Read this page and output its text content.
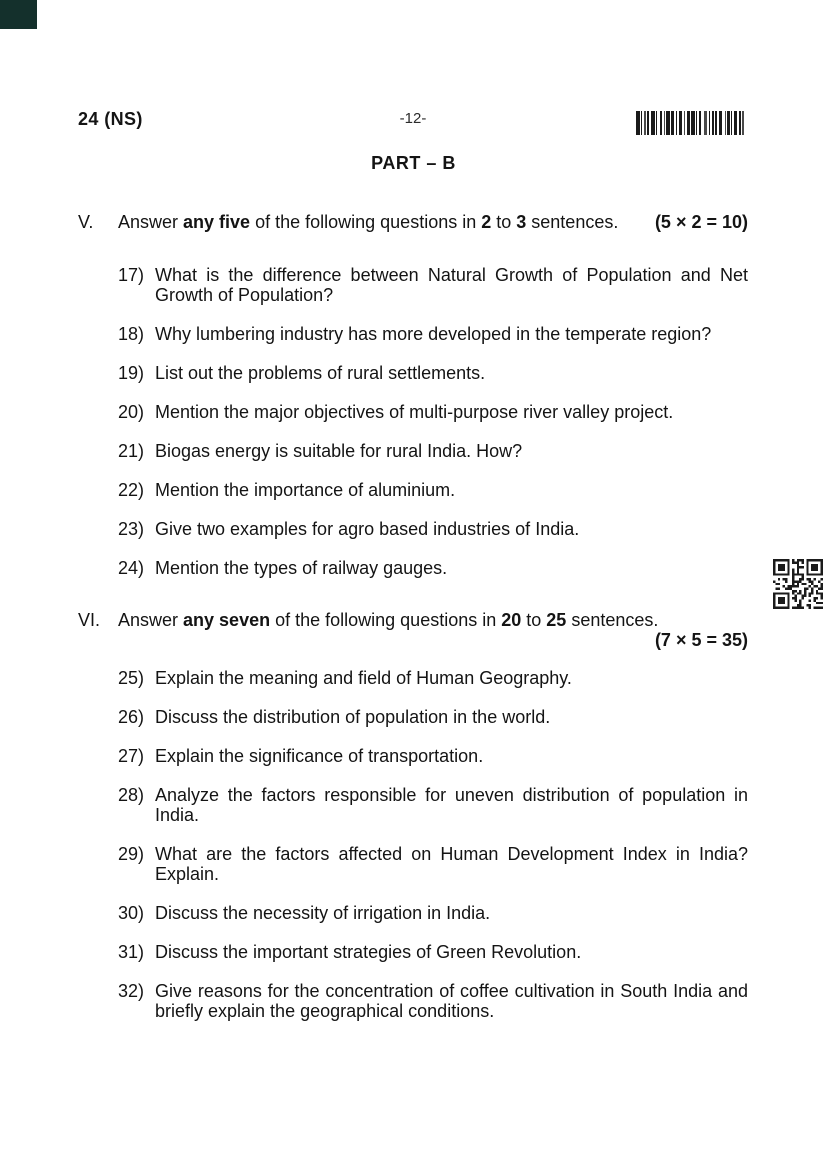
24 (NS)	-12-
PART – B
V.	Answer any five of the following questions in 2 to 3 sentences.	(5 × 2 = 10)
17) What is the difference between Natural Growth of Population and Net Growth of Population?
18) Why lumbering industry has more developed in the temperate region?
19) List out the problems of rural settlements.
20) Mention the major objectives of multi-purpose river valley project.
21) Biogas energy is suitable for rural India. How?
22) Mention the importance of aluminium.
23) Give two examples for agro based industries of India.
24) Mention the types of railway gauges.
VI. Answer any seven of the following questions in 20 to 25 sentences.
(7 × 5 = 35)
25) Explain the meaning and field of Human Geography.
26) Discuss the distribution of population in the world.
27) Explain the significance of transportation.
28) Analyze the factors responsible for uneven distribution of population in India.
29) What are the factors affected on Human Development Index in India? Explain.
30) Discuss the necessity of irrigation in India.
31) Discuss the important strategies of Green Revolution.
32) Give reasons for the concentration of coffee cultivation in South India and briefly explain the geographical conditions.
